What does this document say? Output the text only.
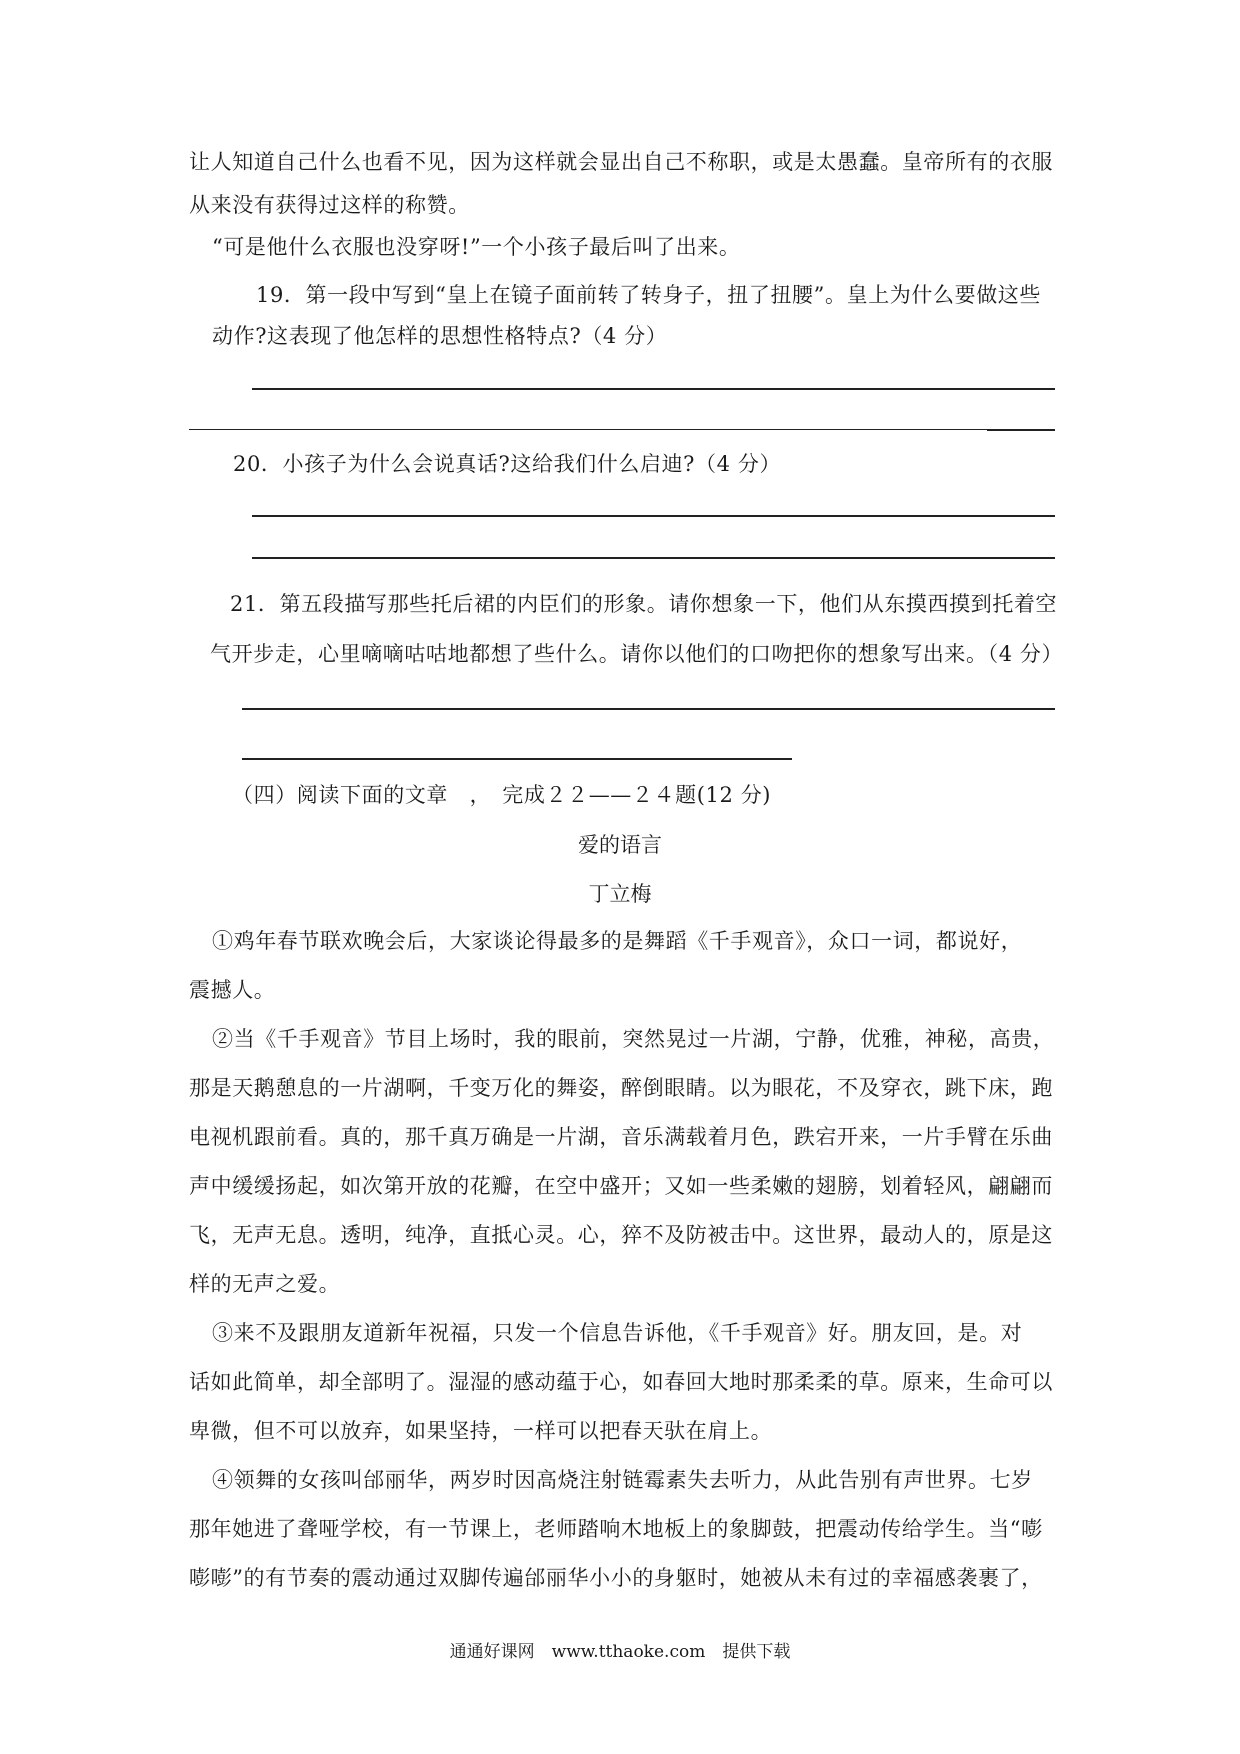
让人知道自己什么也看不见，因为这样就会显出自己不称职，或是太愚蠢。皇帝所有的衣服
从来没有获得过这样的称赞。
“可是他什么衣服也没穿呀!”一个小孩子最后叫了出来。
19．第一段中写到“皇上在镜子面前转了转身子，扭了扭腰”。皇上为什么要做这些
动作?这表现了他怎样的思想性格特点?（4 分）
20．小孩子为什么会说真话?这给我们什么启迪?（4 分）
21．第五段描写那些托后裙的内臣们的形象。请你想象一下，他们从东摸西摸到托着空
气开步走，心里嘀嘀咕咕地都想了些什么。请你以他们的口吻把你的想象写出来。（4 分）
（四）阅读下面的文章　，　完成２２——２４题(12 分)
爱的语言
丁立梅
①鸡年春节联欢晚会后，大家谈论得最多的是舞蹈《千手观音》，众口一词，都说好，
震撼人。
②当《千手观音》节目上场时，我的眼前，突然晃过一片湖，宁静，优雅，神秘，高贵，
那是天鹅憩息的一片湖啊，千变万化的舞姿，醉倒眼睛。以为眼花，不及穿衣，跳下床，跑
电视机跟前看。真的，那千真万确是一片湖，音乐满载着月色，跌宕开来，一片手臂在乐曲
声中缓缓扬起，如次第开放的花瓣，在空中盛开；又如一些柔嫩的翅膀，划着轻风，翩翩而
飞，无声无息。透明，纯净，直抵心灵。心，猝不及防被击中。这世界，最动人的，原是这
样的无声之爱。
③来不及跟朋友道新年祝福，只发一个信息告诉他，《千手观音》好。朋友回，是。对
话如此简单，却全部明了。湿湿的感动蕴于心，如春回大地时那柔柔的草。原来，生命可以
卑微，但不可以放弃，如果坚持，一样可以把春天驮在肩上。
④领舞的女孩叫邰丽华，两岁时因高烧注射链霉素失去听力，从此告别有声世界。七岁
那年她进了聋哑学校，有一节课上，老师踏响木地板上的象脚鼓，把震动传给学生。当“嘭
嘭嘭”的有节奏的震动通过双脚传遍邰丽华小小的身躯时，她被从未有过的幸福感袭裹了，
通通好课网　www.tthaoke.com　提供下载
